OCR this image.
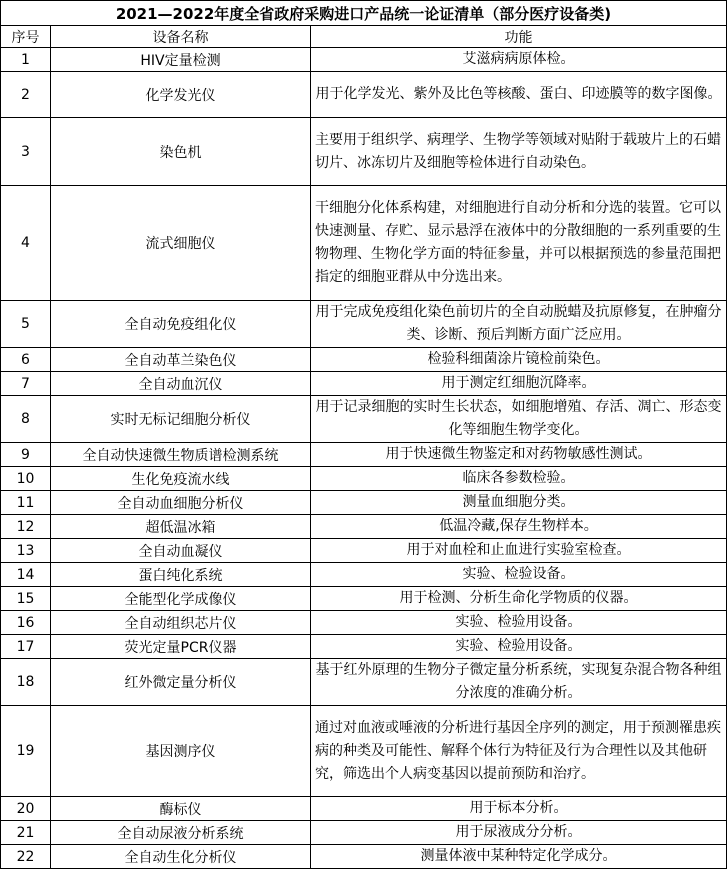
2021—2022年度全省政府采购进口产品统一论证清单（部分医疗设备类)		
序号	设备名称	功能
1	HIV定量检测	艾滋病病原体检。
2	化学发光仪	用于化学发光、紫外及比色等核酸、蛋白、印迹膜等的数字图像。
3	染色机	主要用于组织学、病理学、生物学等领域对贴附于载玻片上的石蜡切片、冰冻切片及细胞等检体进行自动染色。
4	流式细胞仪	干细胞分化体系构建，对细胞进行自动分析和分选的装置。它可以快速测量、存贮、显示悬浮在液体中的分散细胞的一系列重要的生物物理、生物化学方面的特征参量，并可以根据预选的参量范围把指定的细胞亚群从中分选出来。
5	全自动免疫组化仪	用于完成免疫组化染色前切片的全自动脱蜡及抗原修复，在肿瘤分类、诊断、预后判断方面广泛应用。
6	全自动革兰染色仪	检验科细菌涂片镜检前染色。
7	全自动血沉仪	用于测定红细胞沉降率。
8	实时无标记细胞分析仪	用于记录细胞的实时生长状态，如细胞增殖、存活、凋亡、形态变化等细胞生物学变化。
9	全自动快速微生物质谱检测系统	用于快速微生物鉴定和对药物敏感性测试。
10	生化免疫流水线	临床各参数检验。
11	全自动血细胞分析仪	测量血细胞分类。
12	超低温冰箱	低温冷藏,保存生物样本。
13	全自动血凝仪	用于对血栓和止血进行实验室检查。
14	蛋白纯化系统	实验、检验设备。
15	全能型化学成像仪	用于检测、分析生命化学物质的仪器。
16	全自动组织芯片仪	实验、检验用设备。
17	荧光定量PCR仪器	实验、检验用设备。
18	红外微定量分析仪	基于红外原理的生物分子微定量分析系统，实现复杂混合物各种组分浓度的准确分析。
19	基因测序仪	通过对血液或唾液的分析进行基因全序列的测定，用于预测罹患疾病的种类及可能性、解释个体行为特征及行为合理性以及其他研究，筛选出个人病变基因以提前预防和治疗。
20	酶标仪	用于标本分析。
21	全自动尿液分析系统	用于尿液成分分析。
22	全自动生化分析仪	测量体液中某种特定化学成分。
